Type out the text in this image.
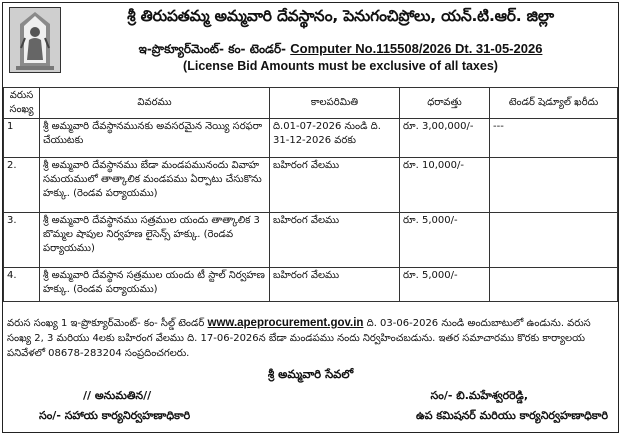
శ్రీ తిరుపతమ్మ అమ్మవారి దేవస్థానం, పెనుగంచిప్రోలు, యన్.టి.ఆర్. జిల్లా
ఇ-ప్రొక్యూర్‌మెంట్- కం- టెండర్- Computer No.115508/2026 Dt. 31-05-2026
(License Bid Amounts must be exclusive of all taxes)
వరుస సంఖ్య	వివరము	కాలపరిమితి	ధరావత్తు	టెండర్ షెడ్యూల్ ఖరీదు
1	శ్రీ అమ్మవారి దేవస్థానమునకు అవసరమైన నెయ్యి సరఫరా చేయుటకు	ది.01-07-2026 నుండి ది. 31-12-2026 వరకు	రూ. 3,00,000/-	---
2.	శ్రీ అమ్మవారి దేవస్థానము బేడా మండపమునందు వివాహ సమయములో తాత్కాలిక మండపము ఏర్పాటు చేసుకొను హక్కు. (రెండవ పర్యాయము)	బహిరంగ వేలము	రూ. 10,000/-	
3.	శ్రీ అమ్మవారి దేవస్థానము సత్రముల యందు తాత్కాలిక 3 బొమ్మల షాపుల నిర్వహణ లైసెన్స్ హక్కు. (రెండవ పర్యాయము)	బహిరంగ వేలము	రూ. 5,000/-	
4.	శ్రీ అమ్మవారి దేవస్థాన సత్రముల యందు టీ స్టాల్ నిర్వహణ హక్కు. (రెండవ పర్యాయము)	బహిరంగ వేలము	రూ. 5,000/-	
వరుస సంఖ్య 1 ఇ-ప్రొక్యూర్‌మెంట్- కం- సీల్డ్ టెండర్ www.apeprocurement.gov.in ది. 03-06-2026 నుండి అందుబాటులో ఉండును. వరుస సంఖ్య 2, 3 మరియు 4లకు బహిరంగ వేలము ది. 17-06-2026న బేడా మండపము నందు నిర్వహించబడును. ఇతర సమాచారము కొరకు కార్యాలయ పనివేళలో 08678-283204 సంప్రదించగలరు.
శ్రీ అమ్మవారి సేవలో
// అనుమతిన//	సం/- బి.మహేశ్వరరెడ్డి,
సం/- సహాయ కార్యనిర్వహణాధికారి	ఉప కమిషనర్ మరియు కార్యనిర్వహణాధికారి
